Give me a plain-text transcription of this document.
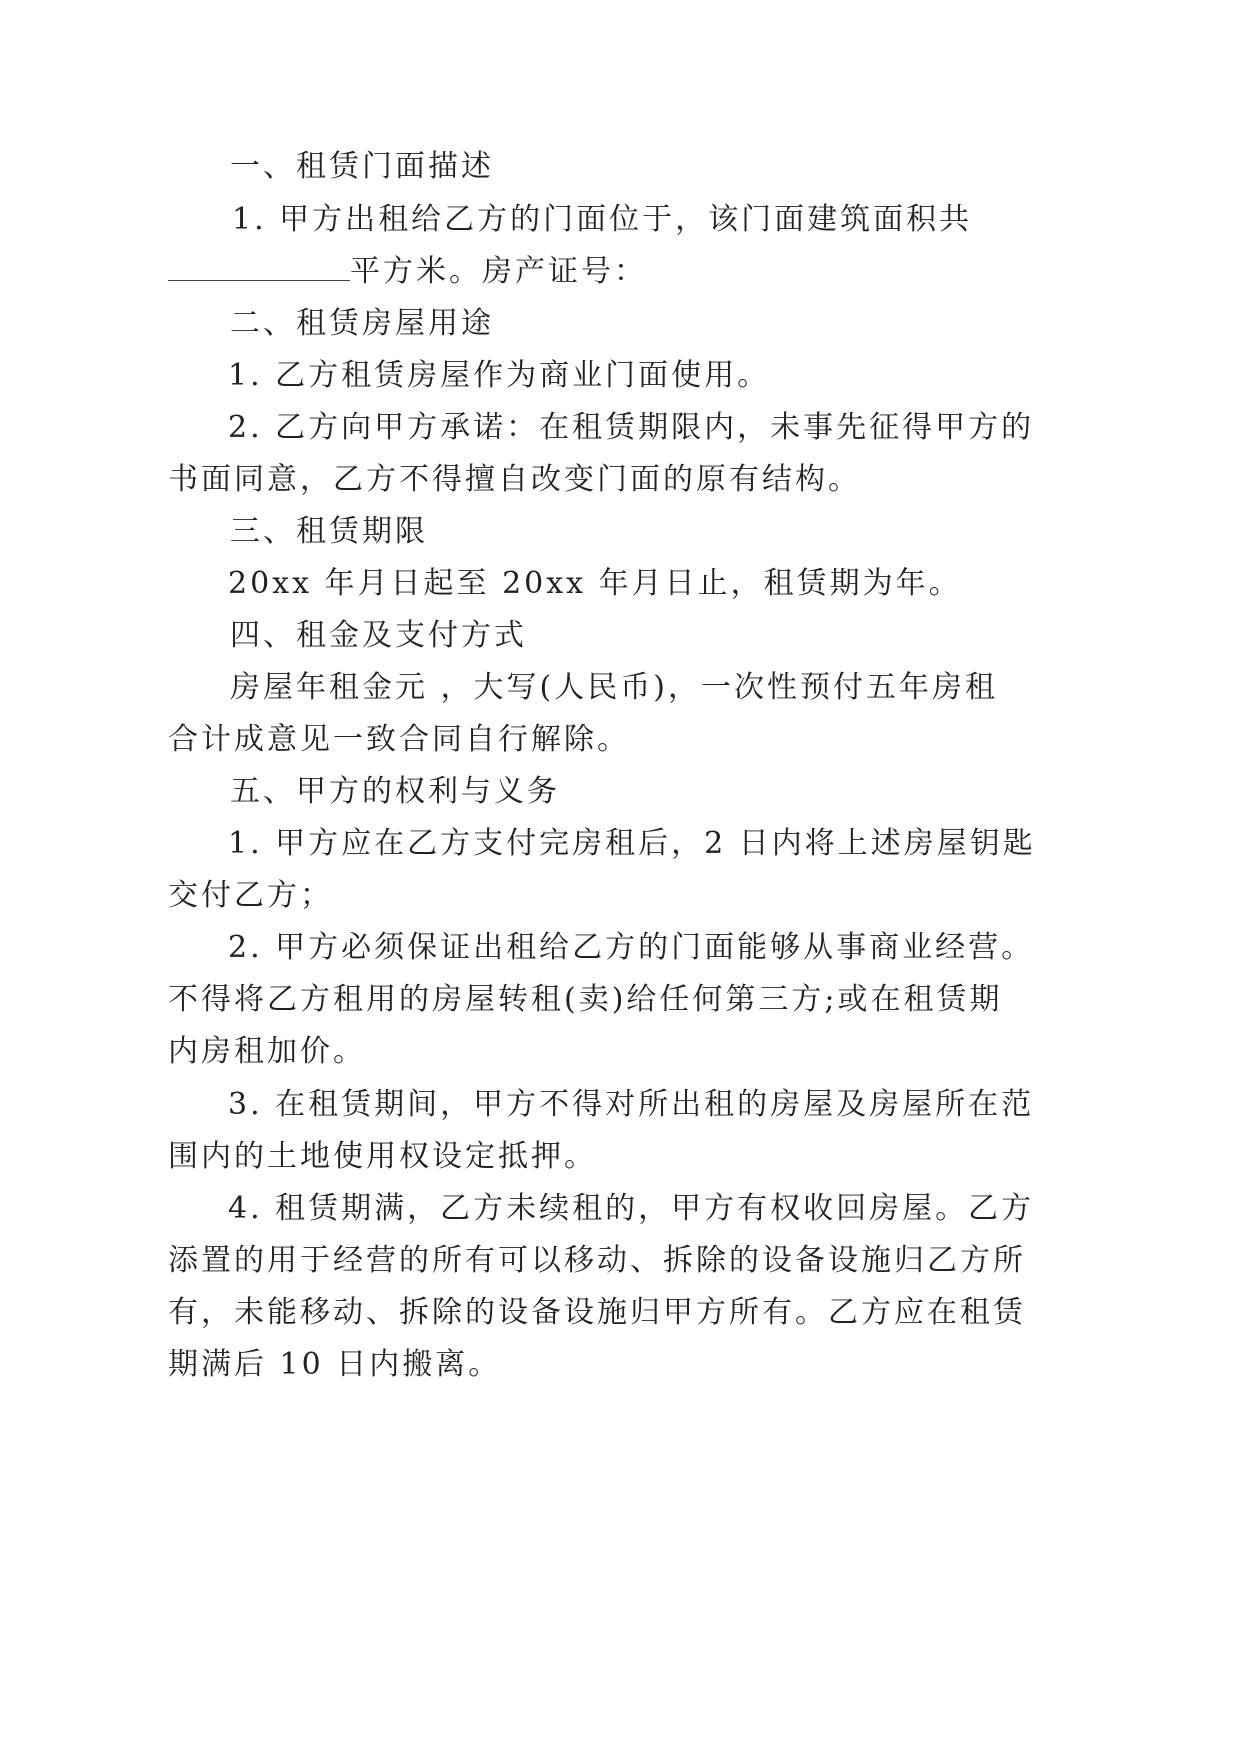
一、租赁门面描述
1. 甲方出租给乙方的门面位于，该门面建筑面积共
平方米。房产证号：
二、租赁房屋用途
1. 乙方租赁房屋作为商业门面使用。
2. 乙方向甲方承诺：在租赁期限内，未事先征得甲方的
书面同意，乙方不得擅自改变门面的原有结构。
三、租赁期限
20xx 年月日起至 20xx 年月日止，租赁期为年。
四、租金及支付方式
房屋年租金元 ，大写(人民币)，一次性预付五年房租
合计成意见一致合同自行解除。
五、甲方的权利与义务
1. 甲方应在乙方支付完房租后，2 日内将上述房屋钥匙
交付乙方；
2. 甲方必须保证出租给乙方的门面能够从事商业经营。
不得将乙方租用的房屋转租(卖)给任何第三方;或在租赁期
内房租加价。
3. 在租赁期间，甲方不得对所出租的房屋及房屋所在范
围内的土地使用权设定抵押。
4. 租赁期满，乙方未续租的，甲方有权收回房屋。乙方
添置的用于经营的所有可以移动、拆除的设备设施归乙方所
有，未能移动、拆除的设备设施归甲方所有。乙方应在租赁
期满后 10 日内搬离。
